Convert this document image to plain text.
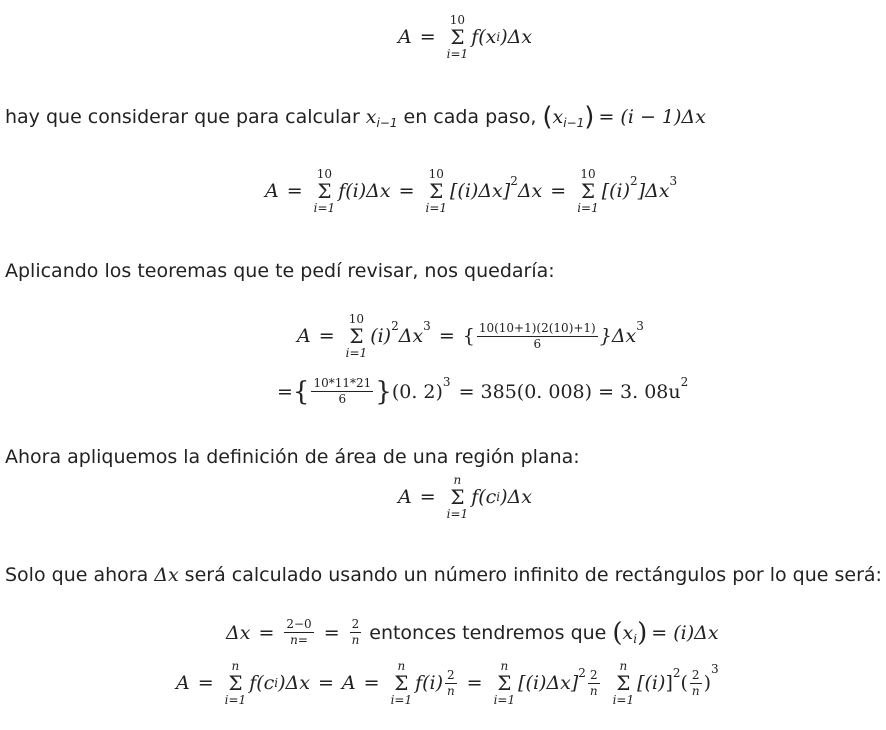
A =
10
Σ
i=1
f(x i )Δx
hay que considerar que para calcular $x_{i-1}$ en cada paso, ( $x_{i-1}$ ) = (i − 1)Δx
A =
10
Σ
i=1
f(i)Δx =
10
Σ
i=1
$[(i)\Delta x]^2$ Δx =
10
Σ
i=1
[$(i)^2$ ]$\Delta x^3$
Aplicando los teoremas que te pedí revisar, nos quedaría:
A =
10
Σ
i=1
$(i)^2$ $\Delta x^3$ = { $\frac{10(10+1)(2(10)+1)}{6} \}\Delta x^3$
= { $\frac{10*11*21}{6}$ } (0. 2)$^3$ = 385(0. 008) = 3. $08u^2$
Ahora apliquemos la definición de área de una región plana:
A =
n
Σ
i=1
f(c i )Δx
Solo que ahora Δx será calculado usando un número infinito de rectángulos por lo que será:
$\Delta x = \frac{2-0}{n=} = \frac{2}{n}$ entonces tendremos que ( $x_i$ ) = (i)Δx
A =
n
Σ
i=1
f(c i )Δx = A =
n
Σ
i=1
$f(i) \frac{2}{n}$ =
n
Σ
i=1
$[(i)\Delta x]^2 \frac{2}{n}$
n
Σ
i=1
[(i) ]$^2$ ( $\frac{2}{n}$ )
$^3$
